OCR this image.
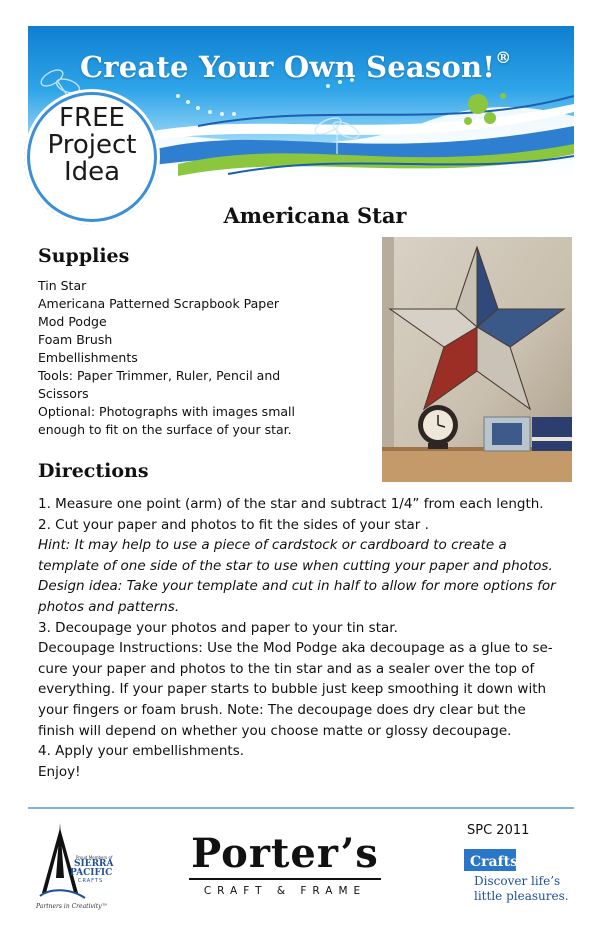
Create Your Own Season!®
FREE
Project
Idea
Americana Star
Supplies
Tin Star
Americana Patterned Scrapbook Paper
Mod Podge
Foam Brush
Embellishments
Tools: Paper Trimmer, Ruler, Pencil and
Scissors
Optional: Photographs with images small
enough to fit on the surface of your star.
Directions
1. Measure one point (arm) of the star and subtract 1/4” from each length.
2. Cut your paper and photos to fit the sides of your star .
Hint: It may help to use a piece of cardstock or cardboard to create a
template of one side of the star to use when cutting your paper and photos.
Design idea: Take your template and cut in half to allow for more options for
photos and patterns.
3. Decoupage your photos and paper to your tin star.
Decoupage Instructions: Use the Mod Podge aka decoupage as a glue to se-
cure your paper and photos to the tin star and as a sealer over the top of
everything. If your paper starts to bubble just keep smoothing it down with
your fingers or foam brush. Note: The decoupage does dry clear but the
finish will depend on whether you choose matte or glossy decoupage.
4. Apply your embellishments.
Enjoy!
Proud Members of
SIERRA
PACIFIC
CRAFTS
Partners in Creativity™
Porter’s
CRAFT & FRAME
SPC 2011
Crafts.
Discover life’s
little pleasures.
